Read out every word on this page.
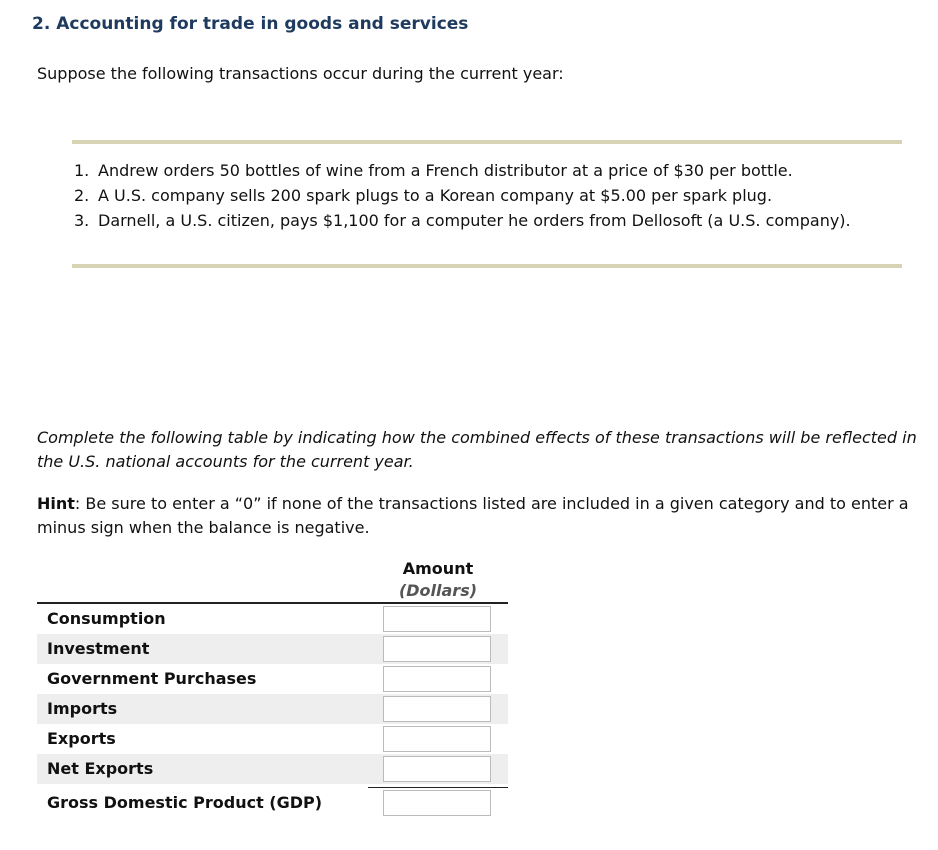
2. Accounting for trade in goods and services

Suppose the following transactions occur during the current year:

1. Andrew orders 50 bottles of wine from a French distributor at a price of $30 per bottle.
2. A U.S. company sells 200 spark plugs to a Korean company at $5.00 per spark plug.
3. Darnell, a U.S. citizen, pays $1,100 for a computer he orders from Dellosoft (a U.S. company).

Complete the following table by indicating how the combined effects of these transactions will be reflected in the U.S. national accounts for the current year.

Hint: Be sure to enter a “0” if none of the transactions listed are included in a given category and to enter a minus sign when the balance is negative.

Amount
(Dollars)
Consumption
Investment
Government Purchases
Imports
Exports
Net Exports
Gross Domestic Product (GDP)
